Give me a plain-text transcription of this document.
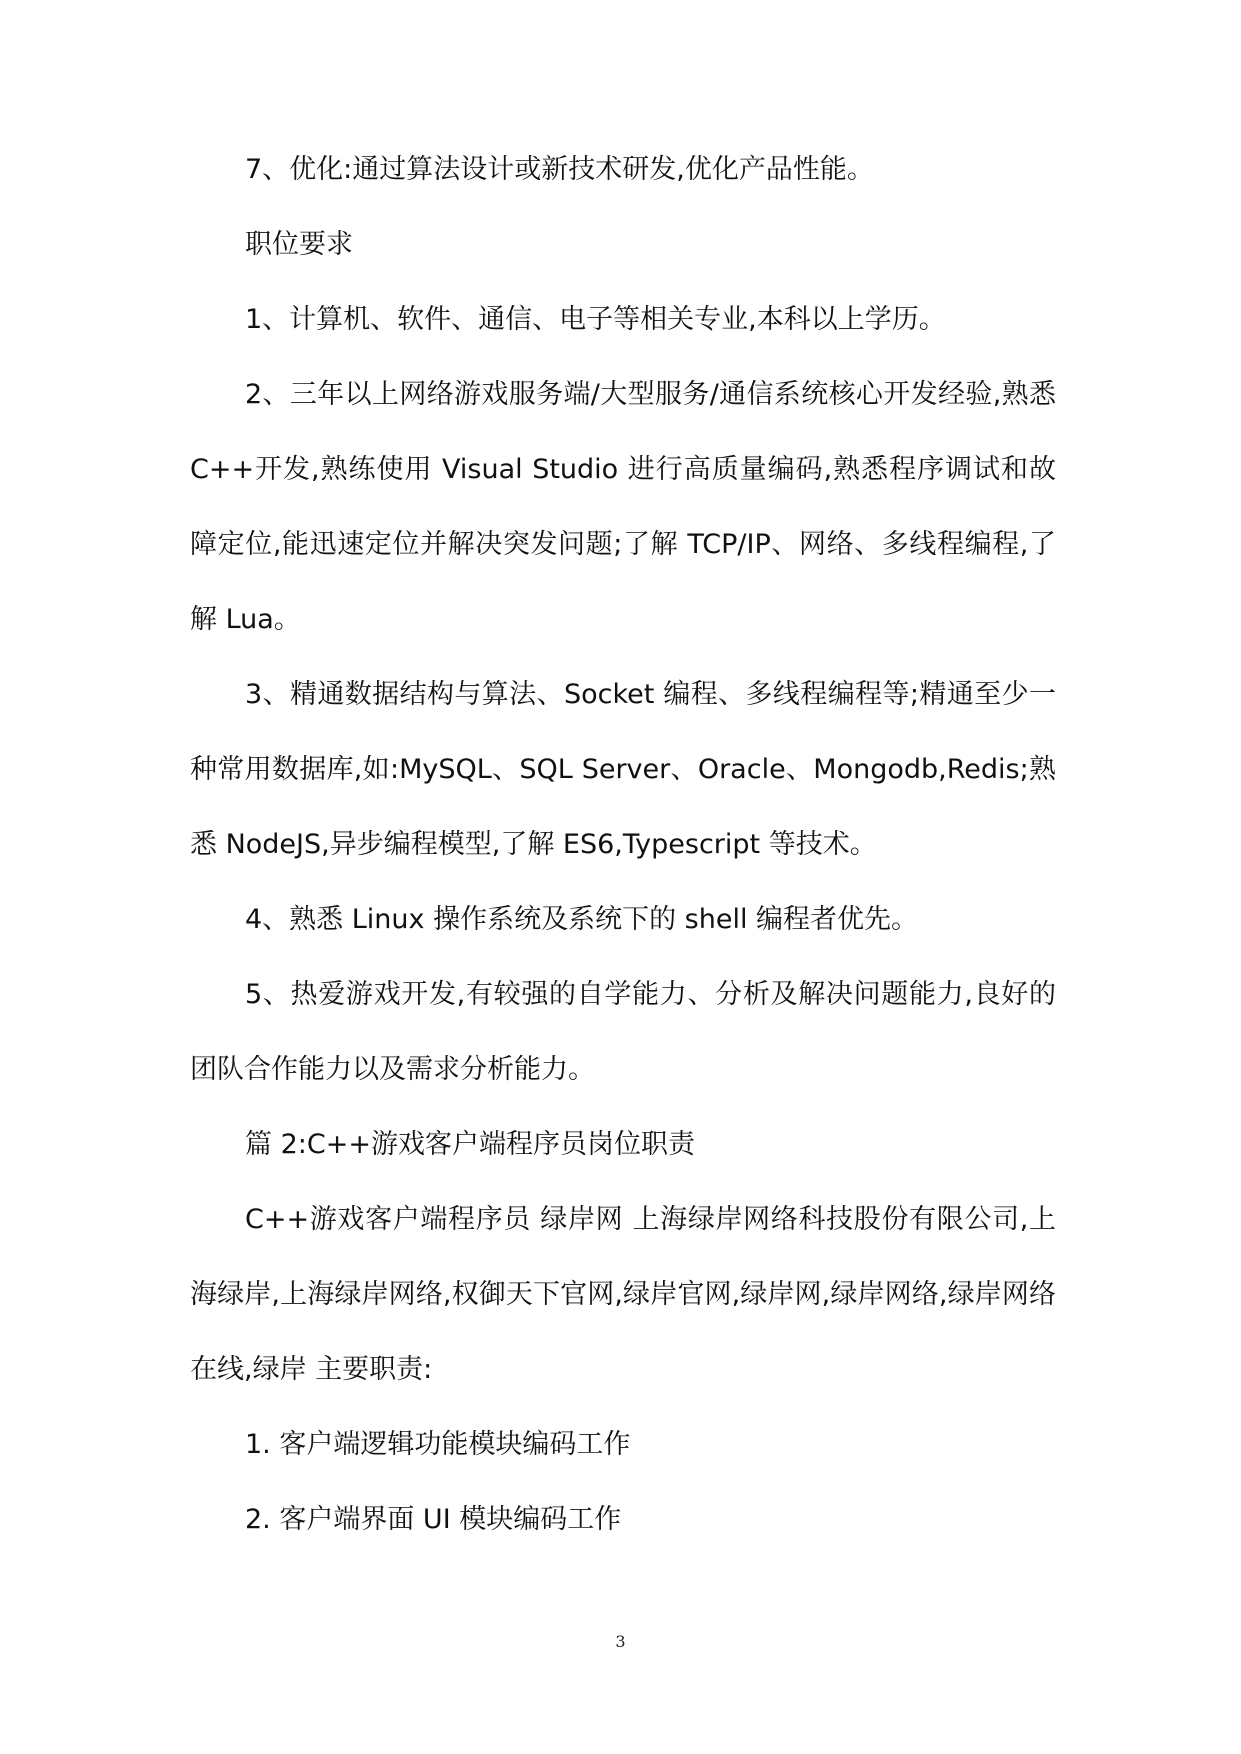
7、优化:通过算法设计或新技术研发,优化产品性能。

职位要求

1、计算机、软件、通信、电子等相关专业,本科以上学历。

2、三年以上网络游戏服务端/大型服务/通信系统核心开发经验,熟悉 C++开发,熟练使用 Visual Studio 进行高质量编码,熟悉程序调试和故障定位,能迅速定位并解决突发问题;了解 TCP/IP、网络、多线程编程,了解 Lua。

3、精通数据结构与算法、Socket 编程、多线程编程等;精通至少一种常用数据库,如:MySQL、SQL Server、Oracle、Mongodb,Redis;熟悉 NodeJS,异步编程模型,了解 ES6,Typescript 等技术。

4、熟悉 Linux 操作系统及系统下的 shell 编程者优先。

5、热爱游戏开发,有较强的自学能力、分析及解决问题能力,良好的团队合作能力以及需求分析能力。

篇 2:C++游戏客户端程序员岗位职责

C++游戏客户端程序员 绿岸网 上海绿岸网络科技股份有限公司,上海绿岸,上海绿岸网络,权御天下官网,绿岸官网,绿岸网,绿岸网络,绿岸网络在线,绿岸 主要职责:

1. 客户端逻辑功能模块编码工作

2. 客户端界面 UI 模块编码工作

3
